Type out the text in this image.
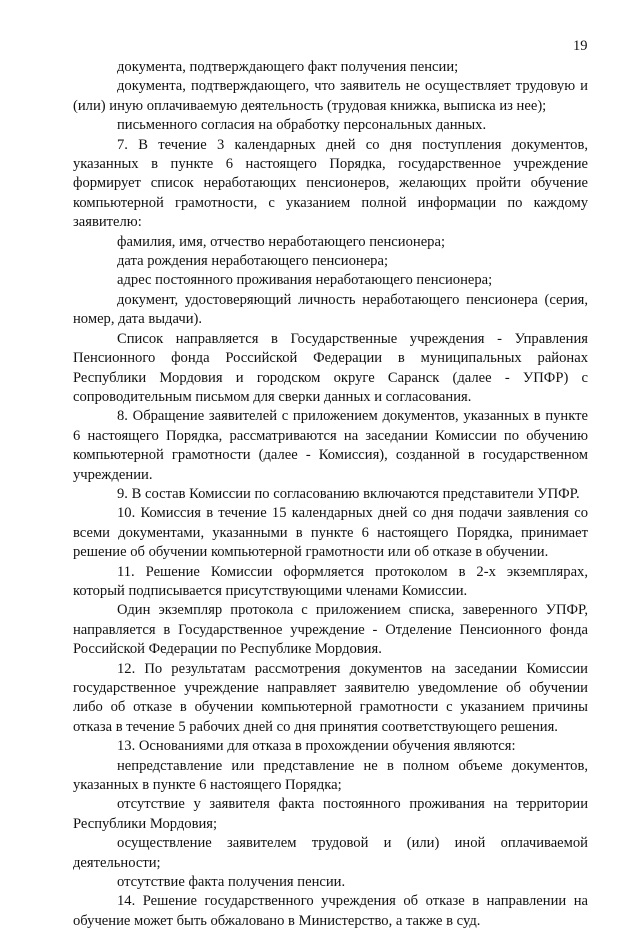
19

документа, подтверждающего факт получения пенсии;

документа, подтверждающего, что заявитель не осуществляет трудовую и (или) иную оплачиваемую деятельность (трудовая книжка, выписка из нее);

письменного согласия на обработку персональных данных.

7. В течение 3 календарных дней со дня поступления документов, указанных в пункте 6 настоящего Порядка, государственное учреждение формирует список неработающих пенсионеров, желающих пройти обучение компьютерной грамотности, с указанием полной информации по каждому заявителю:

фамилия, имя, отчество неработающего пенсионера;

дата рождения неработающего пенсионера;

адрес постоянного проживания неработающего пенсионера;

документ, удостоверяющий личность неработающего пенсионера (серия, номер, дата выдачи).

Список направляется в Государственные учреждения - Управления Пенсионного фонда Российской Федерации в муниципальных районах Республики Мордовия и городском округе Саранск (далее - УПФР) с сопроводительным письмом для сверки данных и согласования.

8. Обращение заявителей с приложением документов, указанных в пункте 6 настоящего Порядка, рассматриваются на заседании Комиссии по обучению компьютерной грамотности (далее - Комиссия), созданной в государственном учреждении.

9. В состав Комиссии по согласованию включаются представители УПФР.

10. Комиссия в течение 15 календарных дней со дня подачи заявления со всеми документами, указанными в пункте 6 настоящего Порядка, принимает решение об обучении компьютерной грамотности или об отказе в обучении.

11. Решение Комиссии оформляется протоколом в 2-х экземплярах, который подписывается присутствующими членами Комиссии.

Один экземпляр протокола с приложением списка, заверенного УПФР, направляется в Государственное учреждение - Отделение Пенсионного фонда Российской Федерации по Республике Мордовия.

12. По результатам рассмотрения документов на заседании Комиссии государственное учреждение направляет заявителю уведомление об обучении либо об отказе в обучении компьютерной грамотности с указанием причины отказа в течение 5 рабочих дней со дня принятия соответствующего решения.

13. Основаниями для отказа в прохождении обучения являются:

непредставление или представление не в полном объеме документов, указанных в пункте 6 настоящего Порядка;

отсутствие у заявителя факта постоянного проживания на территории Республики Мордовия;

осуществление заявителем трудовой и (или) иной оплачиваемой деятельности;

отсутствие факта получения пенсии.

14. Решение государственного учреждения об отказе в направлении на обучение может быть обжаловано в Министерство, а также в суд.
